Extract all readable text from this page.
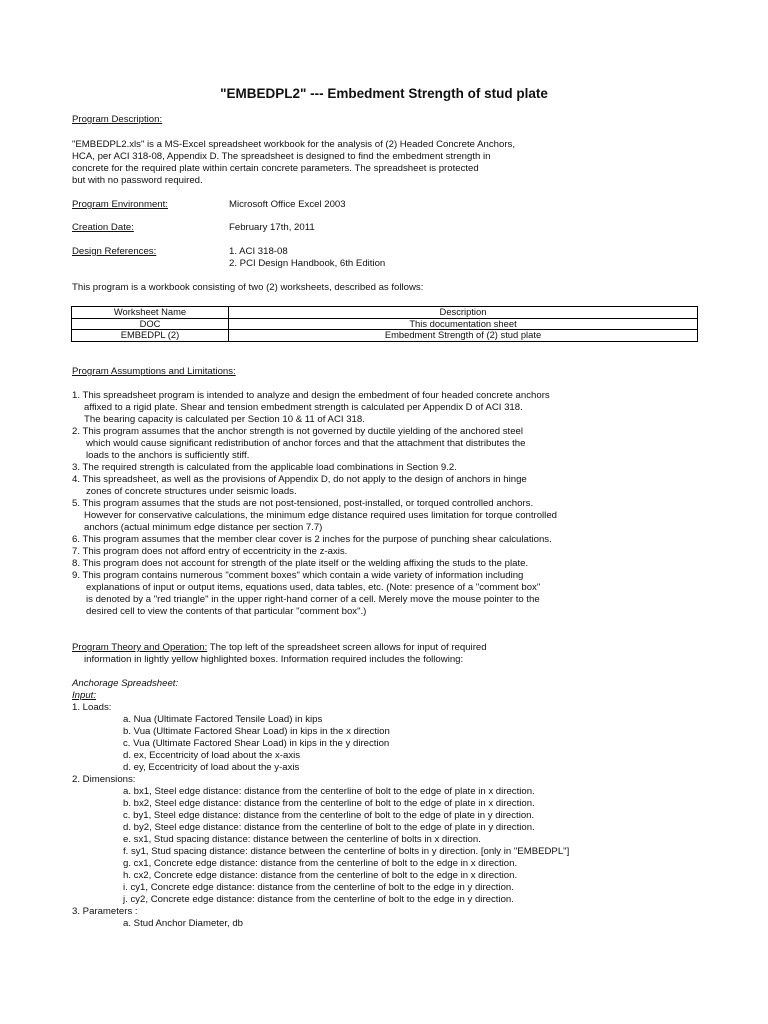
"EMBEDPL2" --- Embedment Strength of stud plate
Program Description:
"EMBEDPL2.xls" is a MS-Excel spreadsheet workbook for the analysis of (2) Headed Concrete Anchors,
HCA, per ACI 318-08, Appendix D. The spreadsheet is designed to find the embedment strength in
concrete for the required plate within certain concrete parameters. The spreadsheet is protected
but with no password required.
Program Environment:	Microsoft Office Excel 2003
Creation Date:	February 17th, 2011
Design References:	1. ACI 318-08
2. PCI Design Handbook, 6th Edition
This program is a workbook consisting of two (2) worksheets, described as follows:
Worksheet Name	Description
DOC	This documentation sheet
EMBEDPL (2)	Embedment Strength of (2) stud plate
Program Assumptions and Limitations:
1. This spreadsheet program is intended to analyze and design the embedment of four headed concrete anchors
affixed to a rigid plate. Shear and tension embedment strength is calculated per Appendix D of ACI 318.
The bearing capacity is calculated per Section 10 & 11 of ACI 318.
2. This program assumes that the anchor strength is not governed by ductile yielding of the anchored steel
which would cause significant redistribution of anchor forces and that the attachment that distributes the
loads to the anchors is sufficiently stiff.
3. The required strength is calculated from the applicable load combinations in Section 9.2.
4. This spreadsheet, as well as the provisions of Appendix D, do not apply to the design of anchors in hinge
zones of concrete structures under seismic loads.
5. This program assumes that the studs are not post-tensioned, post-installed, or torqued controlled anchors.
However for conservative calculations, the minimum edge distance required uses limitation for torque controlled
anchors (actual minimum edge distance per section 7.7)
6. This program assumes that the member clear cover is 2 inches for the purpose of punching shear calculations.
7. This program does not afford entry of eccentricity in the z-axis.
8. This program does not account for strength of the plate itself or the welding affixing the studs to the plate.
9. This program contains numerous "comment boxes" which contain a wide variety of information including
explanations of input or output items, equations used, data tables, etc. (Note: presence of a "comment box"
is denoted by a "red triangle" in the upper right-hand corner of a cell. Merely move the mouse pointer to the
desired cell to view the contents of that particular "comment box".)
Program Theory and Operation: The top left of the spreadsheet screen allows for input of required
information in lightly yellow highlighted boxes. Information required includes the following:
Anchorage Spreadsheet:
Input:
1. Loads:
a. Nua (Ultimate Factored Tensile Load) in kips
b. Vua (Ultimate Factored Shear Load) in kips in the x direction
c. Vua (Ultimate Factored Shear Load) in kips in the y direction
d. ex, Eccentricity of load about the x-axis
d. ey, Eccentricity of load about the y-axis
2. Dimensions:
a. bx1, Steel edge distance: distance from the centerline of bolt to the edge of plate in x direction.
b. bx2, Steel edge distance: distance from the centerline of bolt to the edge of plate in x direction.
c. by1, Steel edge distance: distance from the centerline of bolt to the edge of plate in y direction.
d. by2, Steel edge distance: distance from the centerline of bolt to the edge of plate in y direction.
e. sx1, Stud spacing distance: distance between the centerline of bolts in x direction.
f. sy1, Stud spacing distance: distance between the centerline of bolts in y direction. [only in "EMBEDPL"]
g. cx1, Concrete edge distance: distance from the centerline of bolt to the edge in x direction.
h. cx2, Concrete edge distance: distance from the centerline of bolt to the edge in x direction.
i. cy1, Concrete edge distance: distance from the centerline of bolt to the edge in y direction.
j. cy2, Concrete edge distance: distance from the centerline of bolt to the edge in y direction.
3. Parameters :
a. Stud Anchor Diameter, db
